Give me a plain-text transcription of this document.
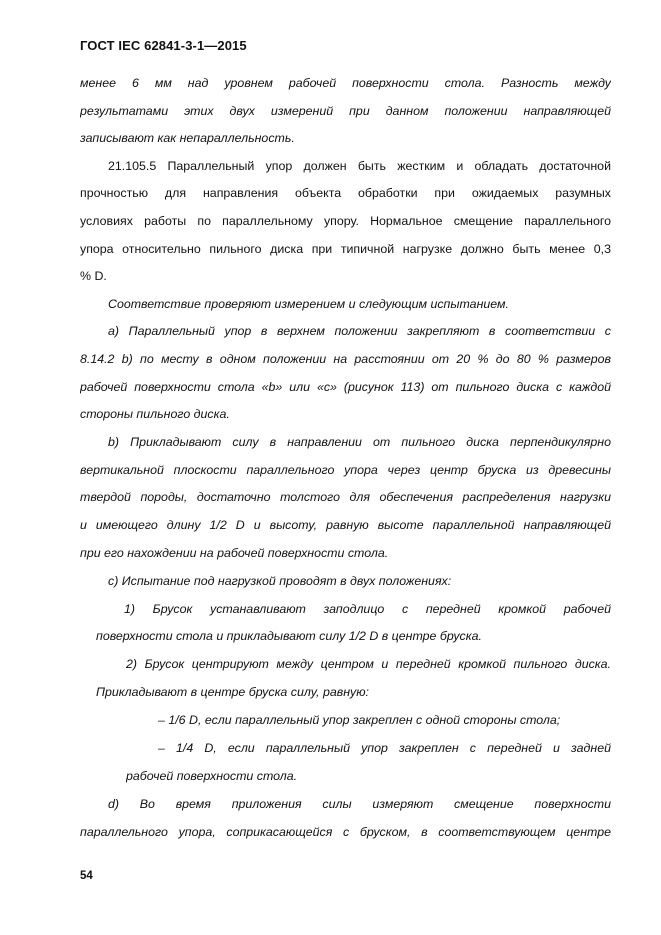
ГОСТ IEC 62841-3-1—2015
менее 6 мм над уровнем рабочей поверхности стола. Разность между
результатами этих двух измерений при данном положении направляющей
записывают как непараллельность.
21.105.5 Параллельный упор должен быть жестким и обладать достаточной
прочностью для направления объекта обработки при ожидаемых разумных
условиях работы по параллельному упору. Нормальное смещение параллельного
упора относительно пильного диска при типичной нагрузке должно быть менее 0,3
% D.
Соответствие проверяют измерением и следующим испытанием.
а) Параллельный упор в верхнем положении закрепляют в соответствии с
8.14.2 b) по месту в одном положении на расстоянии от 20 % до 80 % размеров
рабочей поверхности стола «b» или «с» (рисунок 113) от пильного диска с каждой
стороны пильного диска.
b) Прикладывают силу в направлении от пильного диска перпендикулярно
вертикальной плоскости параллельного упора через центр бруска из древесины
твердой породы, достаточно толстого для обеспечения распределения нагрузки
и имеющего длину 1/2 D и высоту, равную высоте параллельной направляющей
при его нахождении на рабочей поверхности стола.
с) Испытание под нагрузкой проводят в двух положениях:
1) Брусок устанавливают заподлицо с передней кромкой рабочей
поверхности стола и прикладывают силу 1/2 D в центре бруска.
2) Брусок центрируют между центром и передней кромкой пильного диска.
Прикладывают в центре бруска силу, равную:
– 1/6 D, если параллельный упор закреплен с одной стороны стола;
– 1/4 D, если параллельный упор закреплен с передней и задней
рабочей поверхности стола.
d) Во время приложения силы измеряют смещение поверхности
параллельного упора, соприкасающейся с бруском, в соответствующем центре
54
